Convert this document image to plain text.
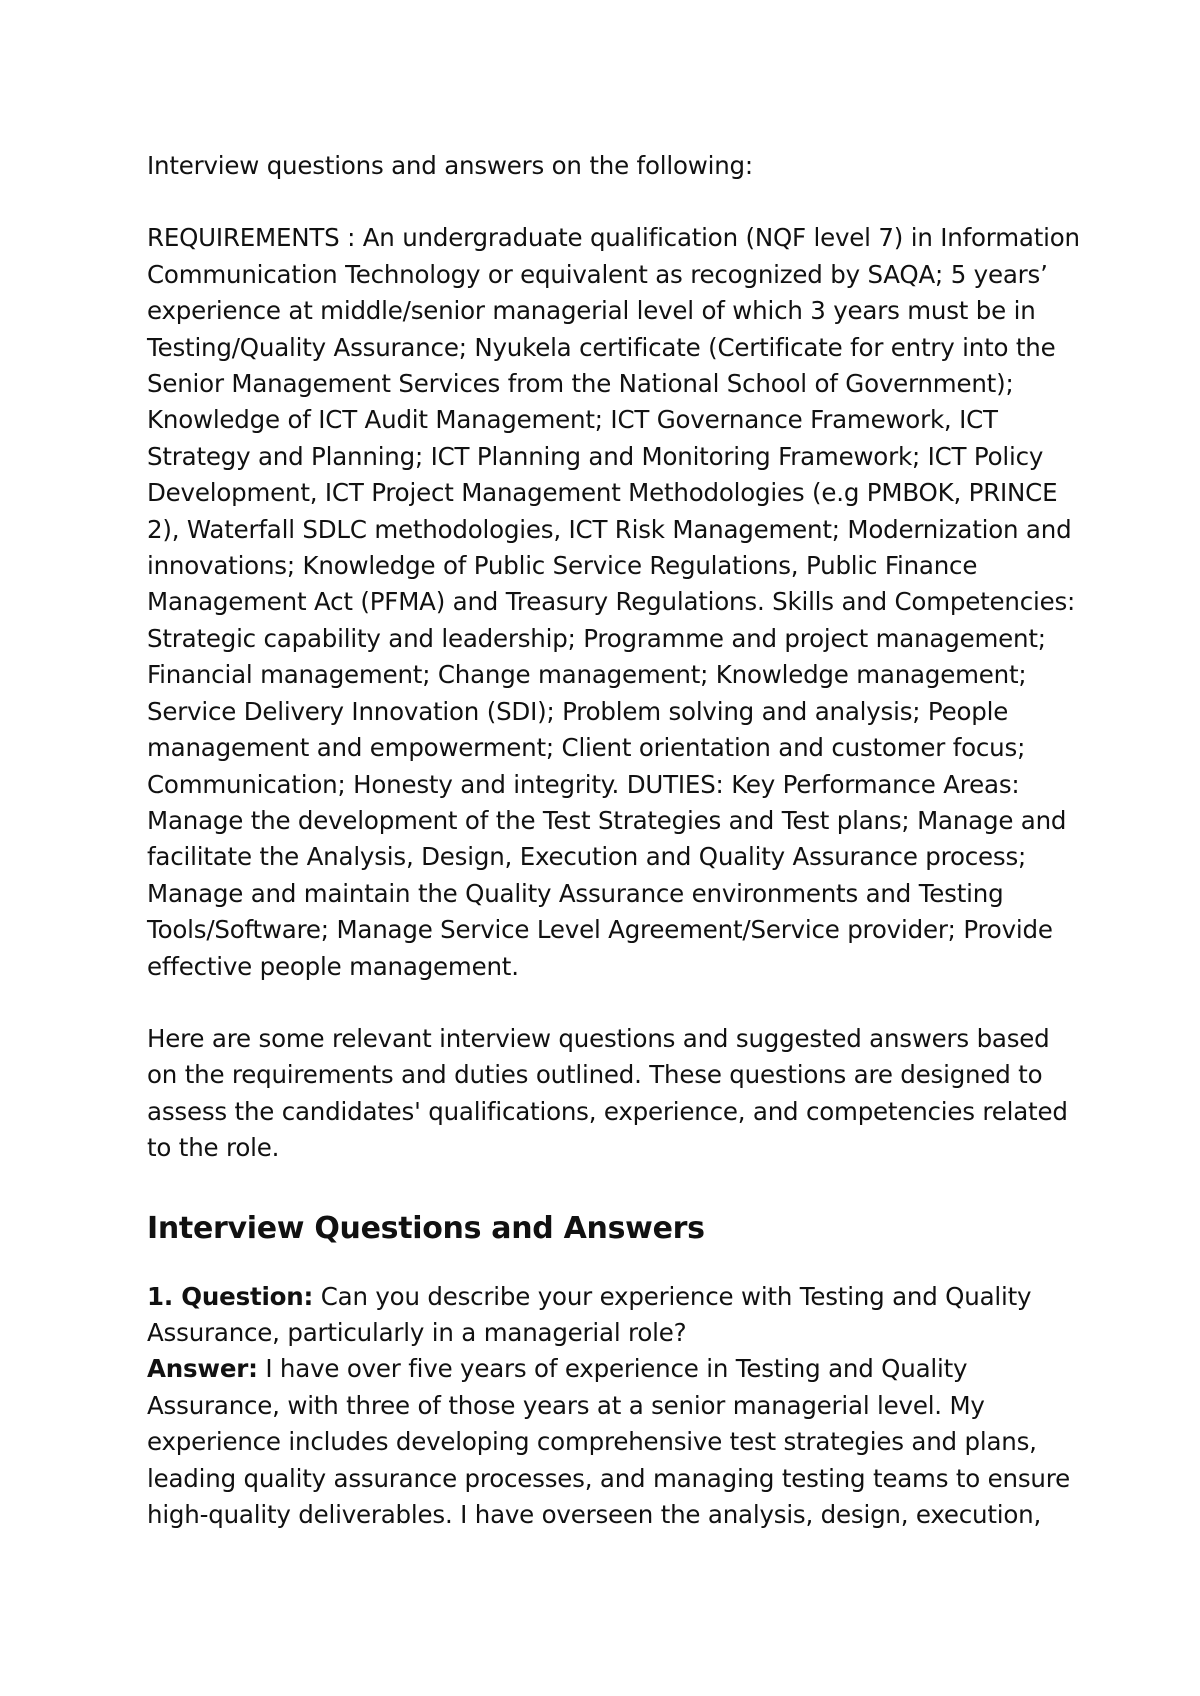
Interview questions and answers on the following:

REQUIREMENTS : An undergraduate qualification (NQF level 7) in Information Communication Technology or equivalent as recognized by SAQA; 5 years’ experience at middle/senior managerial level of which 3 years must be in Testing/Quality Assurance; Nyukela certificate (Certificate for entry into the Senior Management Services from the National School of Government); Knowledge of ICT Audit Management; ICT Governance Framework, ICT Strategy and Planning; ICT Planning and Monitoring Framework; ICT Policy Development, ICT Project Management Methodologies (e.g PMBOK, PRINCE 2), Waterfall SDLC methodologies, ICT Risk Management; Modernization and innovations; Knowledge of Public Service Regulations, Public Finance Management Act (PFMA) and Treasury Regulations. Skills and Competencies: Strategic capability and leadership; Programme and project management; Financial management; Change management; Knowledge management; Service Delivery Innovation (SDI); Problem solving and analysis; People management and empowerment; Client orientation and customer focus; Communication; Honesty and integrity. DUTIES: Key Performance Areas: Manage the development of the Test Strategies and Test plans; Manage and facilitate the Analysis, Design, Execution and Quality Assurance process; Manage and maintain the Quality Assurance environments and Testing Tools/Software; Manage Service Level Agreement/Service provider; Provide effective people management.

Here are some relevant interview questions and suggested answers based on the requirements and duties outlined. These questions are designed to assess the candidates' qualifications, experience, and competencies related to the role.

Interview Questions and Answers

1. Question: Can you describe your experience with Testing and Quality Assurance, particularly in a managerial role?
Answer: I have over five years of experience in Testing and Quality Assurance, with three of those years at a senior managerial level. My experience includes developing comprehensive test strategies and plans, leading quality assurance processes, and managing testing teams to ensure high-quality deliverables. I have overseen the analysis, design, execution,
